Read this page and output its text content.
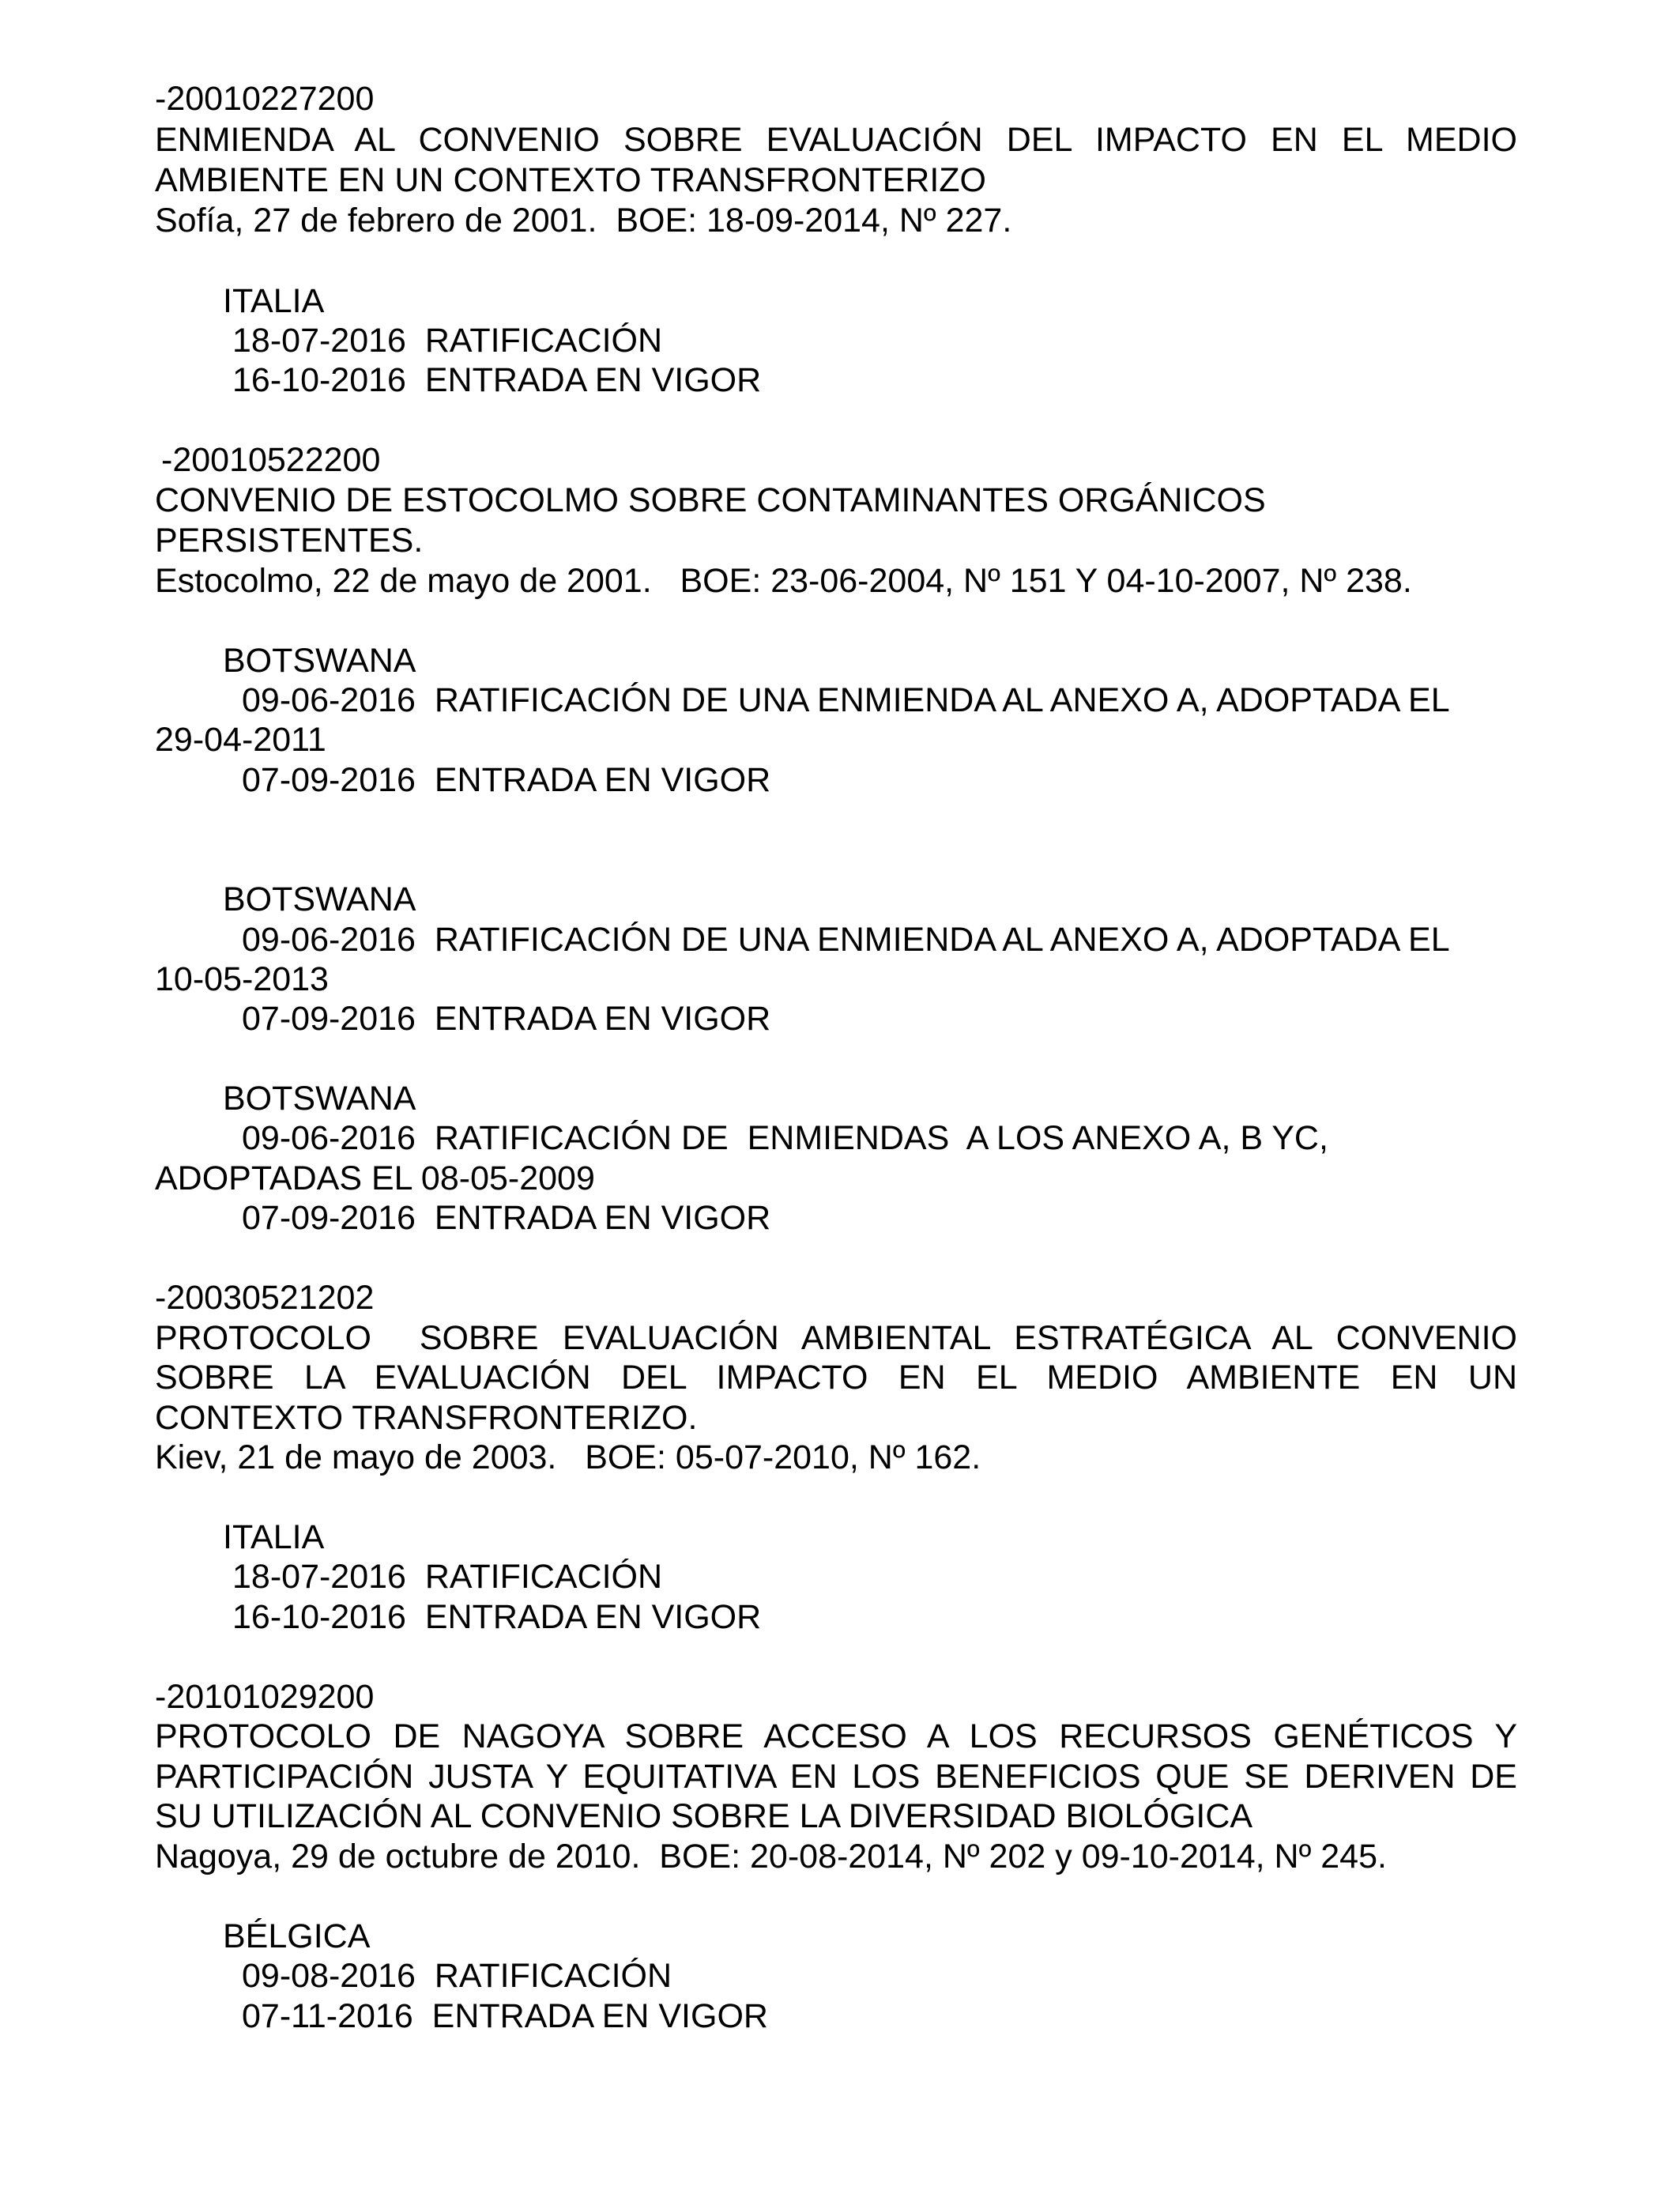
-20010227200
ENMIENDA AL CONVENIO SOBRE EVALUACIÓN DEL IMPACTO EN EL MEDIO
AMBIENTE EN UN CONTEXTO TRANSFRONTERIZO
Sofía, 27 de febrero de 2001.  BOE: 18-09-2014, Nº 227.
ITALIA
18-07-2016  RATIFICACIÓN
16-10-2016  ENTRADA EN VIGOR
-20010522200
CONVENIO DE ESTOCOLMO SOBRE CONTAMINANTES ORGÁNICOS
PERSISTENTES.
Estocolmo, 22 de mayo de 2001.   BOE: 23-06-2004, Nº 151 Y 04-10-2007, Nº 238.
BOTSWANA
09-06-2016  RATIFICACIÓN DE UNA ENMIENDA AL ANEXO A, ADOPTADA EL
29-04-2011
07-09-2016  ENTRADA EN VIGOR
BOTSWANA
09-06-2016  RATIFICACIÓN DE UNA ENMIENDA AL ANEXO A, ADOPTADA EL
10-05-2013
07-09-2016  ENTRADA EN VIGOR
BOTSWANA
09-06-2016  RATIFICACIÓN DE  ENMIENDAS  A LOS ANEXO A, B YC,
ADOPTADAS EL 08-05-2009
07-09-2016  ENTRADA EN VIGOR
-20030521202
PROTOCOLO  SOBRE EVALUACIÓN AMBIENTAL ESTRATÉGICA AL CONVENIO
SOBRE LA EVALUACIÓN DEL IMPACTO EN EL MEDIO AMBIENTE EN UN
CONTEXTO TRANSFRONTERIZO.
Kiev, 21 de mayo de 2003.   BOE: 05-07-2010, Nº 162.
ITALIA
18-07-2016  RATIFICACIÓN
16-10-2016  ENTRADA EN VIGOR
-20101029200
PROTOCOLO DE NAGOYA SOBRE ACCESO A LOS RECURSOS GENÉTICOS Y
PARTICIPACIÓN JUSTA Y EQUITATIVA EN LOS BENEFICIOS QUE SE DERIVEN DE
SU UTILIZACIÓN AL CONVENIO SOBRE LA DIVERSIDAD BIOLÓGICA
Nagoya, 29 de octubre de 2010.  BOE: 20-08-2014, Nº 202 y 09-10-2014, Nº 245.
BÉLGICA
09-08-2016  RATIFICACIÓN
07-11-2016  ENTRADA EN VIGOR
